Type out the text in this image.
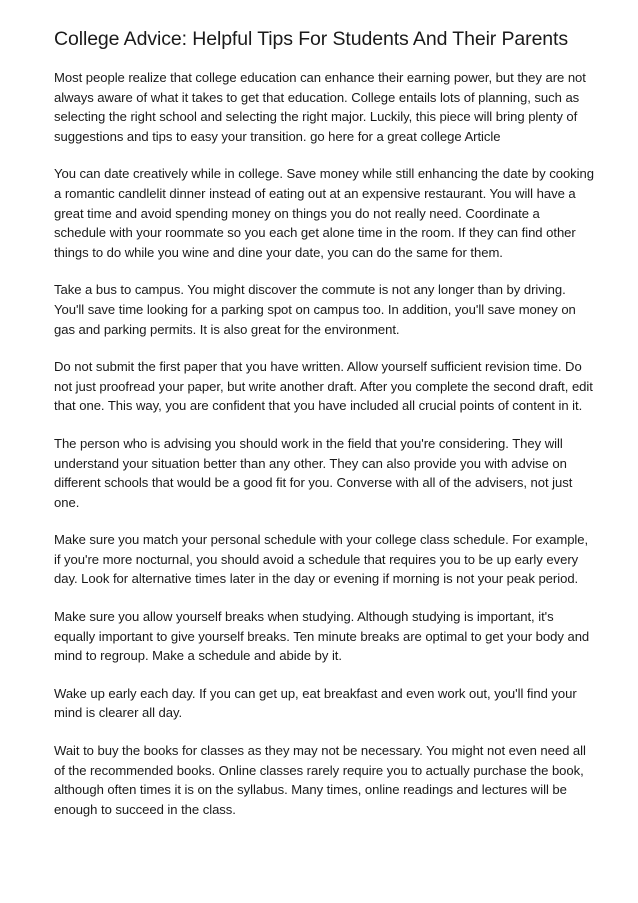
College Advice: Helpful Tips For Students And Their Parents

Most people realize that college education can enhance their earning power, but they are not always aware of what it takes to get that education. College entails lots of planning, such as selecting the right school and selecting the right major. Luckily, this piece will bring plenty of suggestions and tips to easy your transition. go here for a great college Article

You can date creatively while in college. Save money while still enhancing the date by cooking a romantic candlelit dinner instead of eating out at an expensive restaurant. You will have a great time and avoid spending money on things you do not really need. Coordinate a schedule with your roommate so you each get alone time in the room. If they can find other things to do while you wine and dine your date, you can do the same for them.

Take a bus to campus. You might discover the commute is not any longer than by driving. You'll save time looking for a parking spot on campus too. In addition, you'll save money on gas and parking permits. It is also great for the environment.

Do not submit the first paper that you have written. Allow yourself sufficient revision time. Do not just proofread your paper, but write another draft. After you complete the second draft, edit that one. This way, you are confident that you have included all crucial points of content in it.

The person who is advising you should work in the field that you're considering. They will understand your situation better than any other. They can also provide you with advise on different schools that would be a good fit for you. Converse with all of the advisers, not just one.

Make sure you match your personal schedule with your college class schedule. For example, if you're more nocturnal, you should avoid a schedule that requires you to be up early every day. Look for alternative times later in the day or evening if morning is not your peak period.

Make sure you allow yourself breaks when studying. Although studying is important, it's equally important to give yourself breaks. Ten minute breaks are optimal to get your body and mind to regroup. Make a schedule and abide by it.

Wake up early each day. If you can get up, eat breakfast and even work out, you'll find your mind is clearer all day.

Wait to buy the books for classes as they may not be necessary. You might not even need all of the recommended books. Online classes rarely require you to actually purchase the book, although often times it is on the syllabus. Many times, online readings and lectures will be enough to succeed in the class.
